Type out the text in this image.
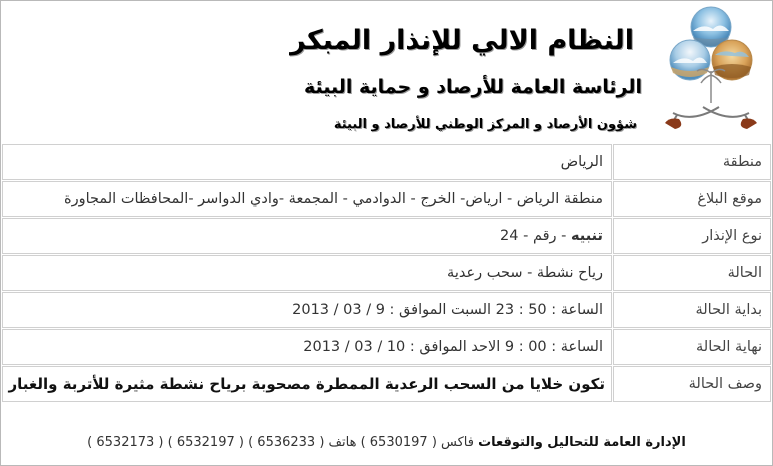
النظام الالي للإنذار المبكر
الرئاسة العامة للأرصاد و حماية البيئة
شؤون الأرصاد و المركز الوطني للأرصاد و البيئة
منطقة	الرياض
موقع البلاغ	منطقة الرياض - ارياض- الخرج - الدوادمي - المجمعة -وادي الدواسر -المحافظات المجاورة
نوع الإنذار	تنبيه - رقم - 24
الحالة	رياح نشطة - سحب رعدية
بداية الحالة	الساعة : 50 : 23 السبت الموافق : 9 / 03 / 2013
نهاية الحالة	الساعة : 00 : 9 الاحد الموافق : 10 / 03 / 2013
وصف الحالة	تكون خلايا من السحب الرعدية الممطرة مصحوبة برياح نشطة مثيرة للأتربة والغبار
الإدارة العامة للتحاليل والتوقعات فاكس ( 6530197 ) هاتف ( 6536233 ) ( 6532197 ) ( 6532173 )
